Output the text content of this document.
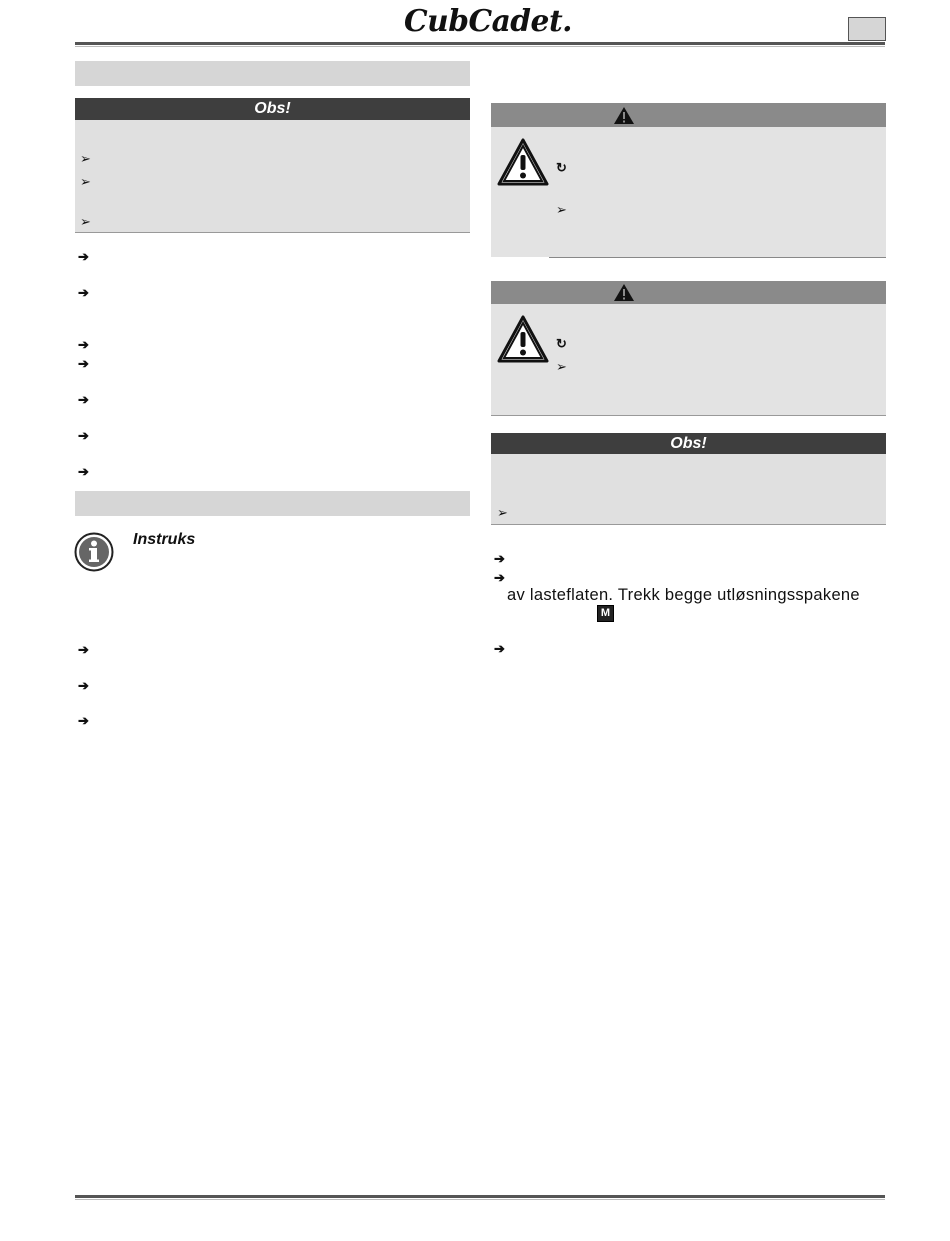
CubCadet.
Obs!
➢
➢
➢
➔
➔
➔
➔
➔
➔
➔
Instruks
➔
➔
➔
↻
➢
↻
➢
Obs!
➢
➔
➔
av lasteflaten. Trekk begge utløsningsspakene
M
➔
